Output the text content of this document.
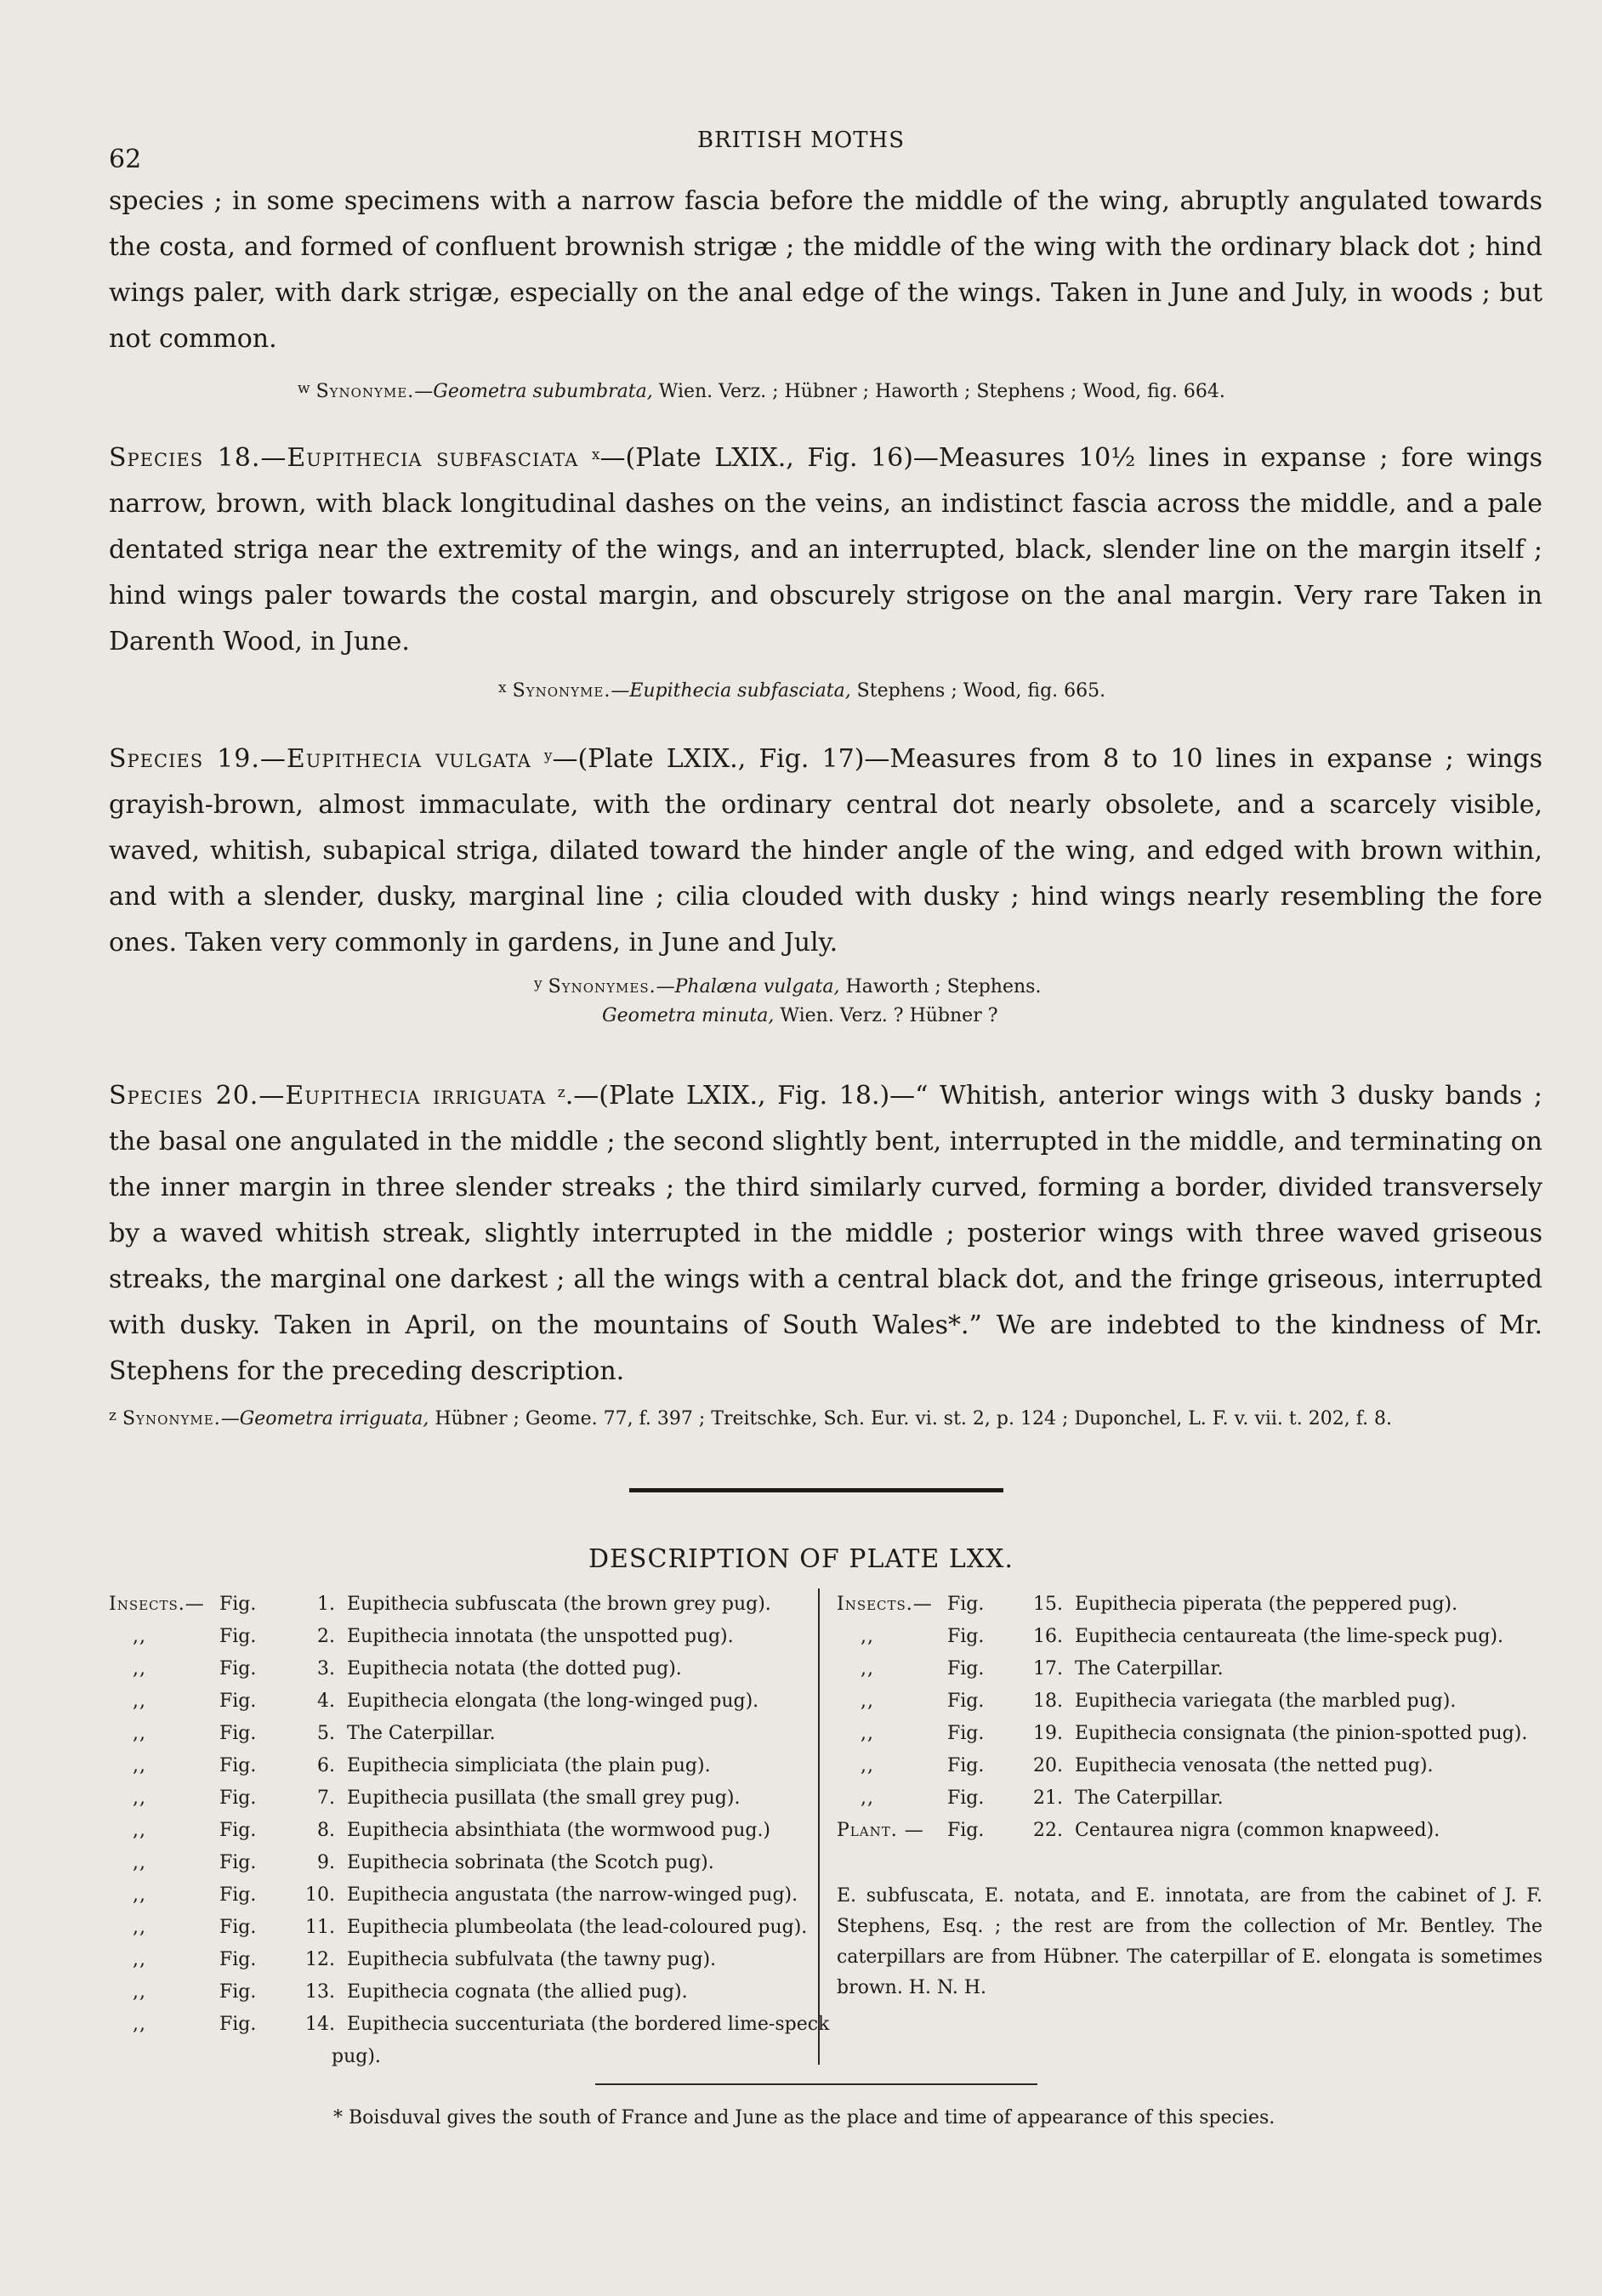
62
BRITISH MOTHS

species ; in some specimens with a narrow fascia before the middle of the wing, abruptly angulated towards the costa, and formed of confluent brownish strigæ ; the middle of the wing with the ordinary black dot ; hind wings paler, with dark strigæ, especially on the anal edge of the wings. Taken in June and July, in woods ; but not common.

$^w$ Synonyme.—Geometra subumbrata, Wien. Verz. ; Hübner ; Haworth ; Stephens ; Wood, fig. 664.

Species 18.—Eupithecia subfasciata $^x$—(Plate LXIX., Fig. 16)—Measures 10½ lines in expanse ; fore wings narrow, brown, with black longitudinal dashes on the veins, an indistinct fascia across the middle, and a pale dentated striga near the extremity of the wings, and an interrupted, black, slender line on the margin itself ; hind wings paler towards the costal margin, and obscurely strigose on the anal margin. Very rare Taken in Darenth Wood, in June.

$^x$ Synonyme.—Eupithecia subfasciata, Stephens ; Wood, fig. 665.

Species 19.—Eupithecia vulgata $^y$—(Plate LXIX., Fig. 17)—Measures from 8 to 10 lines in expanse ; wings grayish-brown, almost immaculate, with the ordinary central dot nearly obsolete, and a scarcely visible, waved, whitish, subapical striga, dilated toward the hinder angle of the wing, and edged with brown within, and with a slender, dusky, marginal line ; cilia clouded with dusky ; hind wings nearly resembling the fore ones. Taken very commonly in gardens, in June and July.

$^y$ Synonymes.—Phalæna vulgata, Haworth ; Stephens.
Geometra minuta, Wien. Verz. ? Hübner ?

Species 20.—Eupithecia irriguata $^z$.—(Plate LXIX., Fig. 18.)—“ Whitish, anterior wings with 3 dusky bands ; the basal one angulated in the middle ; the second slightly bent, interrupted in the middle, and terminating on the inner margin in three slender streaks ; the third similarly curved, forming a border, divided transversely by a waved whitish streak, slightly interrupted in the middle ; posterior wings with three waved griseous streaks, the marginal one darkest ; all the wings with a central black dot, and the fringe griseous, interrupted with dusky. Taken in April, on the mountains of South Wales*.” We are indebted to the kindness of Mr. Stephens for the preceding description.

$^z$ Synonyme.—Geometra irriguata, Hübner ; Geome. 77, f. 397 ; Treitschke, Sch. Eur. vi. st. 2, p. 124 ; Duponchel, L. F. v. vii. t. 202, f. 8.
DESCRIPTION OF PLATE LXX.
Insects.— Fig.	1. Eupithecia subfuscata (the brown grey pug).
,,	Fig.	2. Eupithecia innotata (the unspotted pug).
,,	Fig.	3. Eupithecia notata (the dotted pug).
,,	Fig.	4. Eupithecia elongata (the long-winged pug).
,,	Fig.	5. The Caterpillar.
,,	Fig.	6. Eupithecia simpliciata (the plain pug).
,,	Fig.	7. Eupithecia pusillata (the small grey pug).
,,	Fig.	8. Eupithecia absinthiata (the wormwood pug.)
,,	Fig.	9. Eupithecia sobrinata (the Scotch pug).
,,	Fig.	10. Eupithecia angustata (the narrow-winged pug).
,,	Fig.	11. Eupithecia plumbeolata (the lead-coloured pug).
,,	Fig.	12. Eupithecia subfulvata (the tawny pug).
,,	Fig.	13. Eupithecia cognata (the allied pug).
,,	Fig.	14. Eupithecia succenturiata (the bordered lime-speck
pug).
Insects.— Fig.	15. Eupithecia piperata (the peppered pug).
,,	Fig.	16. Eupithecia centaureata (the lime-speck pug).
,,	Fig.	17. The Caterpillar.
,,	Fig.	18. Eupithecia variegata (the marbled pug).
,,	Fig.	19. Eupithecia consignata (the pinion-spotted pug).
,,	Fig.	20. Eupithecia venosata (the netted pug).
,,	Fig.	21. The Caterpillar.
Plant. —	Fig.	22. Centaurea nigra (common knapweed).
E. subfuscata, E. notata, and E. innotata, are from the cabinet of J. F. Stephens, Esq. ; the rest are from the collection of Mr. Bentley. The caterpillars are from Hübner. The caterpillar of E. elongata is sometimes brown. H. N. H.
* Boisduval gives the south of France and June as the place and time of appearance of this species.
